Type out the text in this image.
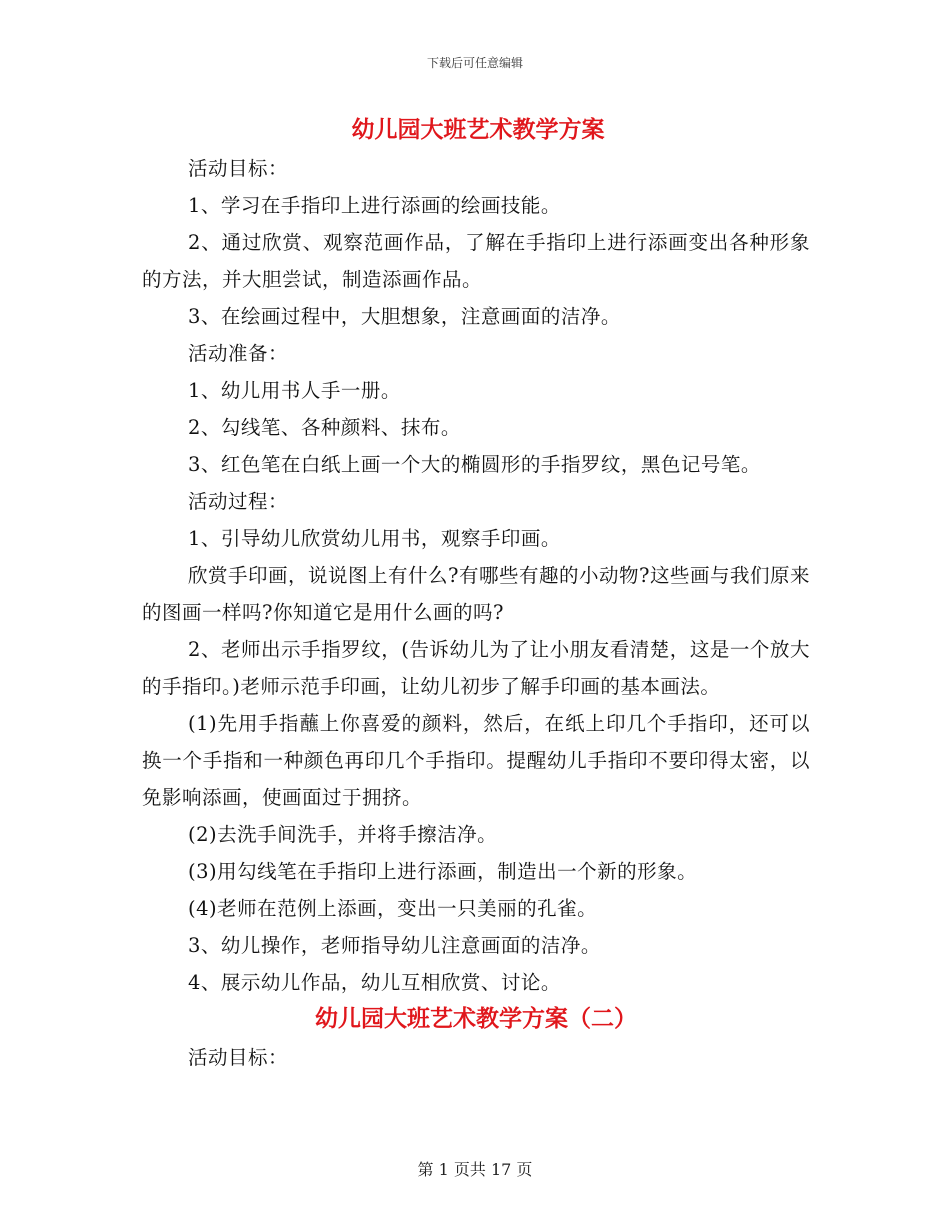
下载后可任意编辑
幼儿园大班艺术教学方案

活动目标：

1、学习在手指印上进行添画的绘画技能。

2、通过欣赏、观察范画作品，了解在手指印上进行添画变出各种形象的方法，并大胆尝试，制造添画作品。

3、在绘画过程中，大胆想象，注意画面的洁净。

活动准备：

1、幼儿用书人手一册。

2、勾线笔、各种颜料、抹布。

3、红色笔在白纸上画一个大的椭圆形的手指罗纹，黑色记号笔。

活动过程：

1、引导幼儿欣赏幼儿用书，观察手印画。

欣赏手印画，说说图上有什么?有哪些有趣的小动物?这些画与我们原来的图画一样吗?你知道它是用什么画的吗?

2、老师出示手指罗纹，(告诉幼儿为了让小朋友看清楚，这是一个放大的手指印。)老师示范手印画，让幼儿初步了解手印画的基本画法。

(1)先用手指蘸上你喜爱的颜料，然后，在纸上印几个手指印，还可以换一个手指和一种颜色再印几个手指印。提醒幼儿手指印不要印得太密，以免影响添画，使画面过于拥挤。

(2)去洗手间洗手，并将手擦洁净。

(3)用勾线笔在手指印上进行添画，制造出一个新的形象。

(4)老师在范例上添画，变出一只美丽的孔雀。

3、幼儿操作，老师指导幼儿注意画面的洁净。

4、展示幼儿作品，幼儿互相欣赏、讨论。

幼儿园大班艺术教学方案（二）

活动目标：

第 1 页共 17 页
